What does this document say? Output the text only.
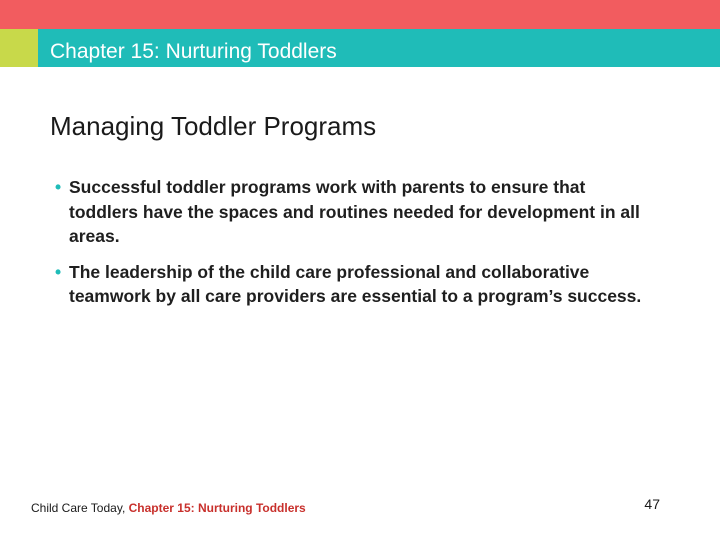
Chapter 15: Nurturing Toddlers
Managing Toddler Programs
• Successful toddler programs work with parents to ensure that toddlers have the spaces and routines needed for development in all areas.
• The leadership of the child care professional and collaborative teamwork by all care providers are essential to a program’s success.
Child Care Today, Chapter 15: Nurturing Toddlers	47
